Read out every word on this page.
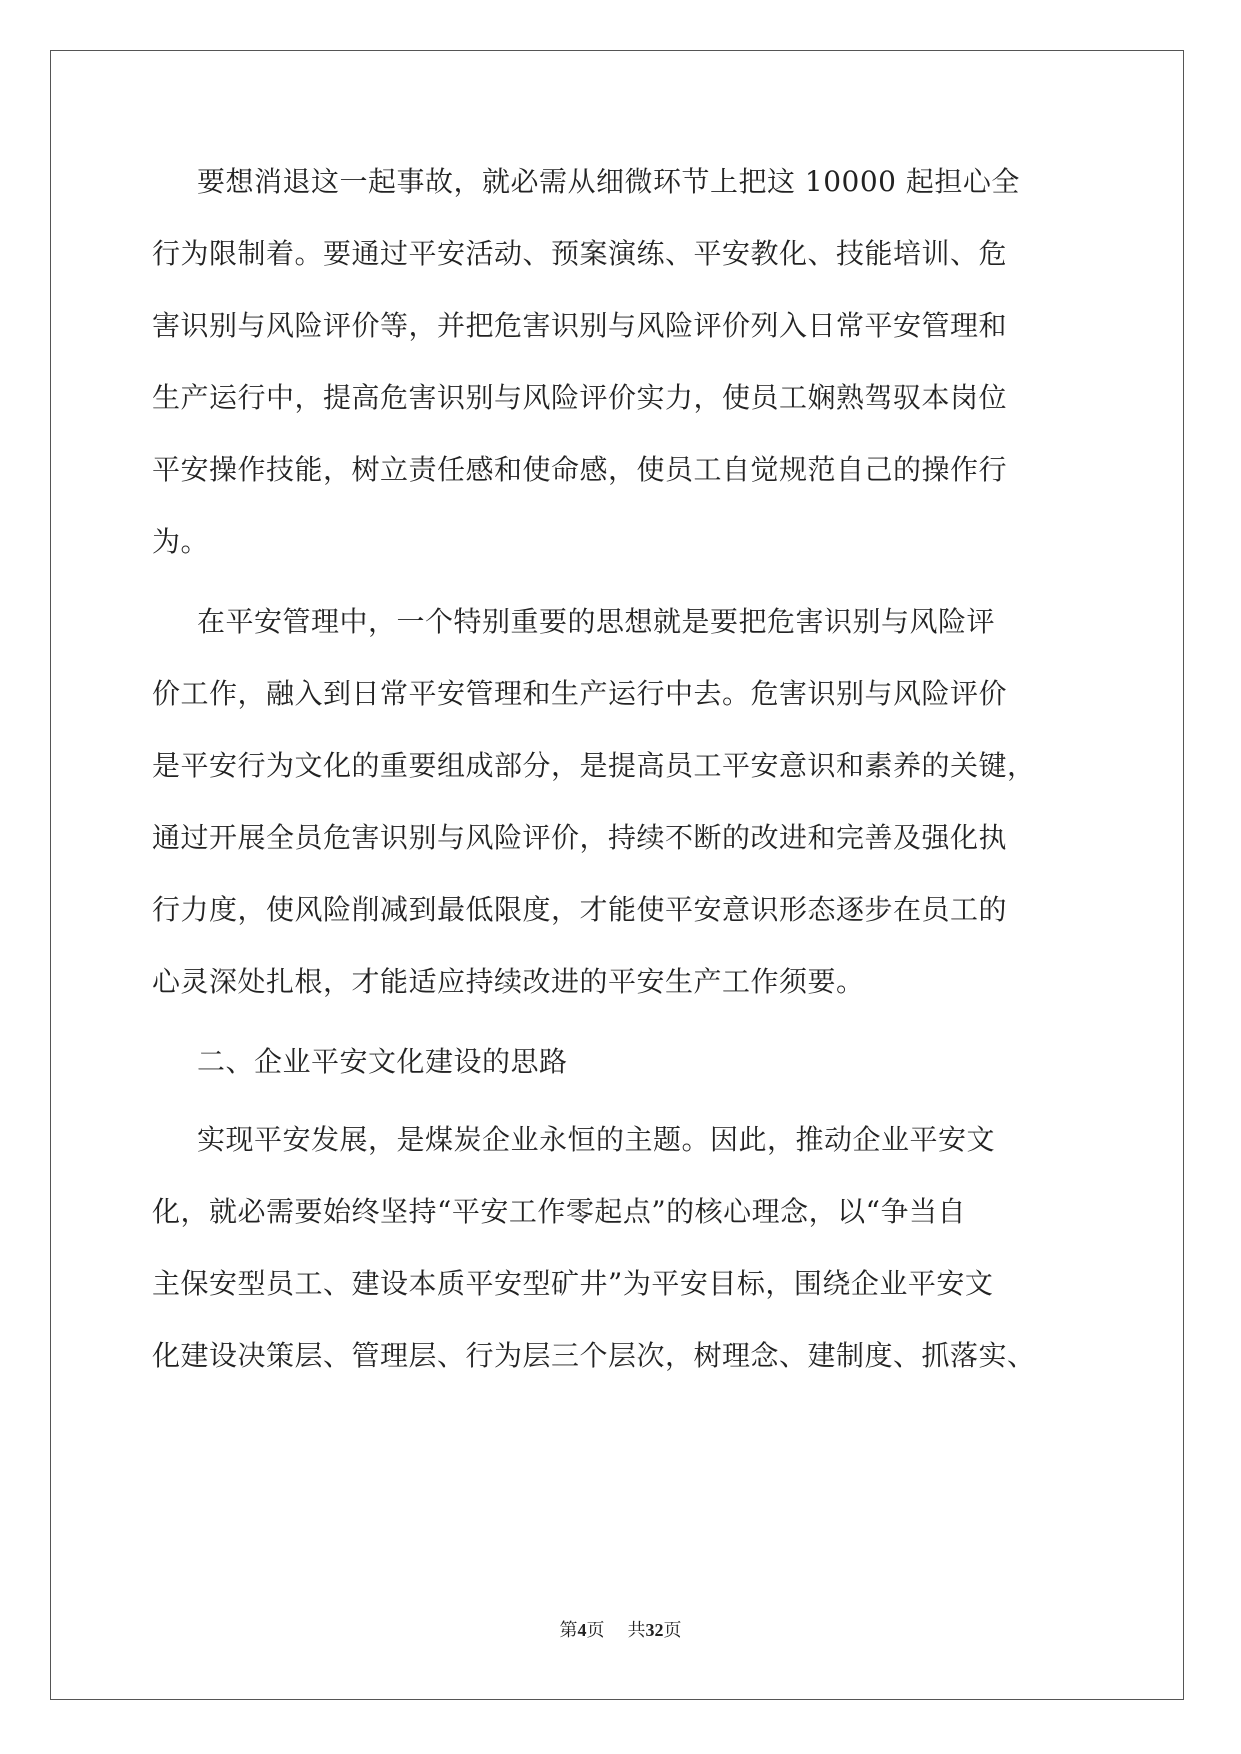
要想消退这一起事故，就必需从细微环节上把这 10000 起担心全
行为限制着。要通过平安活动、预案演练、平安教化、技能培训、危
害识别与风险评价等，并把危害识别与风险评价列入日常平安管理和
生产运行中，提高危害识别与风险评价实力，使员工娴熟驾驭本岗位
平安操作技能，树立责任感和使命感，使员工自觉规范自己的操作行
为。
在平安管理中，一个特别重要的思想就是要把危害识别与风险评
价工作，融入到日常平安管理和生产运行中去。危害识别与风险评价
是平安行为文化的重要组成部分，是提高员工平安意识和素养的关键，
通过开展全员危害识别与风险评价，持续不断的改进和完善及强化执
行力度，使风险削减到最低限度，才能使平安意识形态逐步在员工的
心灵深处扎根，才能适应持续改进的平安生产工作须要。
二、企业平安文化建设的思路
实现平安发展，是煤炭企业永恒的主题。因此，推动企业平安文
化，就必需要始终坚持“平安工作零起点”的核心理念，以“争当自
主保安型员工、建设本质平安型矿井”为平安目标，围绕企业平安文
化建设决策层、管理层、行为层三个层次，树理念、建制度、抓落实、
第4页 共32页
